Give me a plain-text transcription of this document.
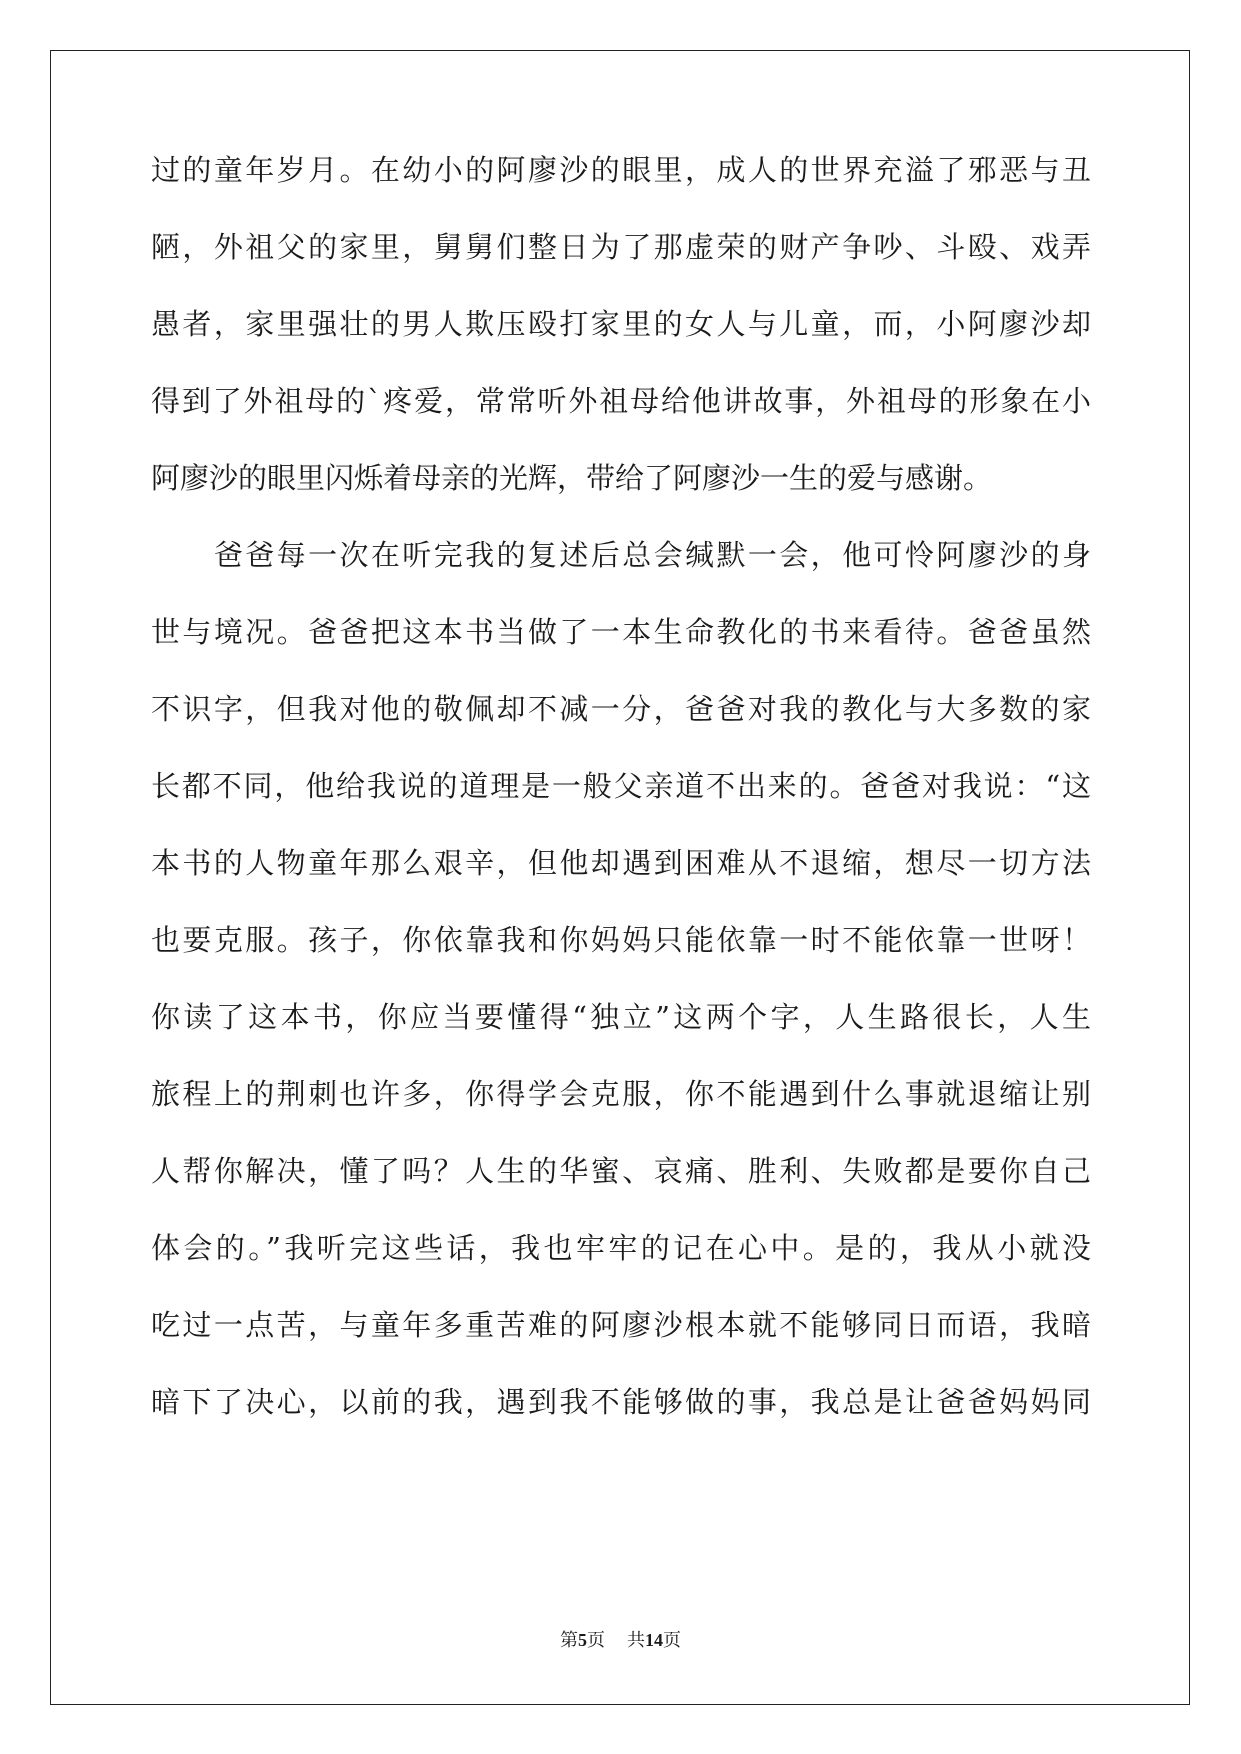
过的童年岁月。在幼小的阿廖沙的眼里，成人的世界充溢了邪恶与丑
陋，外祖父的家里，舅舅们整日为了那虚荣的财产争吵、斗殴、戏弄
愚者，家里强壮的男人欺压殴打家里的女人与儿童，而，小阿廖沙却
得到了外祖母的`疼爱，常常听外祖母给他讲故事，外祖母的形象在小
阿廖沙的眼里闪烁着母亲的光辉，带给了阿廖沙一生的爱与感谢。
　　爸爸每一次在听完我的复述后总会缄默一会，他可怜阿廖沙的身
世与境况。爸爸把这本书当做了一本生命教化的书来看待。爸爸虽然
不识字，但我对他的敬佩却不减一分，爸爸对我的教化与大多数的家
长都不同，他给我说的道理是一般父亲道不出来的。爸爸对我说：“这
本书的人物童年那么艰辛，但他却遇到困难从不退缩，想尽一切方法
也要克服。孩子，你依靠我和你妈妈只能依靠一时不能依靠一世呀！
你读了这本书，你应当要懂得“独立”这两个字，人生路很长，人生
旅程上的荆刺也许多，你得学会克服，你不能遇到什么事就退缩让别
人帮你解决，懂了吗？人生的华蜜、哀痛、胜利、失败都是要你自己
体会的。”我听完这些话，我也牢牢的记在心中。是的，我从小就没
吃过一点苦，与童年多重苦难的阿廖沙根本就不能够同日而语，我暗
暗下了决心，以前的我，遇到我不能够做的事，我总是让爸爸妈妈同
第5页 共14页
